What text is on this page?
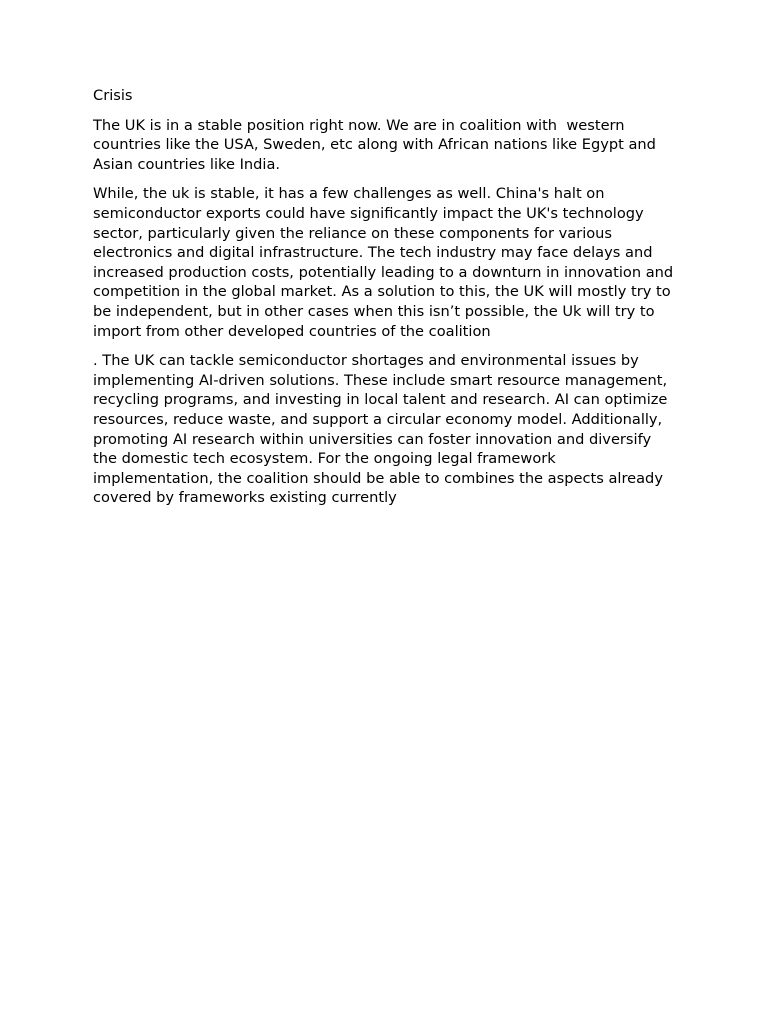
Crisis

The UK is in a stable position right now. We are in coalition with  western countries like the USA, Sweden, etc along with African nations like Egypt and Asian countries like India.

While, the uk is stable, it has a few challenges as well. China's halt on semiconductor exports could have significantly impact the UK's technology sector, particularly given the reliance on these components for various electronics and digital infrastructure. The tech industry may face delays and increased production costs, potentially leading to a downturn in innovation and competition in the global market. As a solution to this, the UK will mostly try to be independent, but in other cases when this isn’t possible, the Uk will try to import from other developed countries of the coalition

. The UK can tackle semiconductor shortages and environmental issues by implementing AI-driven solutions. These include smart resource management, recycling programs, and investing in local talent and research. AI can optimize resources, reduce waste, and support a circular economy model. Additionally, promoting AI research within universities can foster innovation and diversify the domestic tech ecosystem. For the ongoing legal framework implementation, the coalition should be able to combines the aspects already covered by frameworks existing currently
